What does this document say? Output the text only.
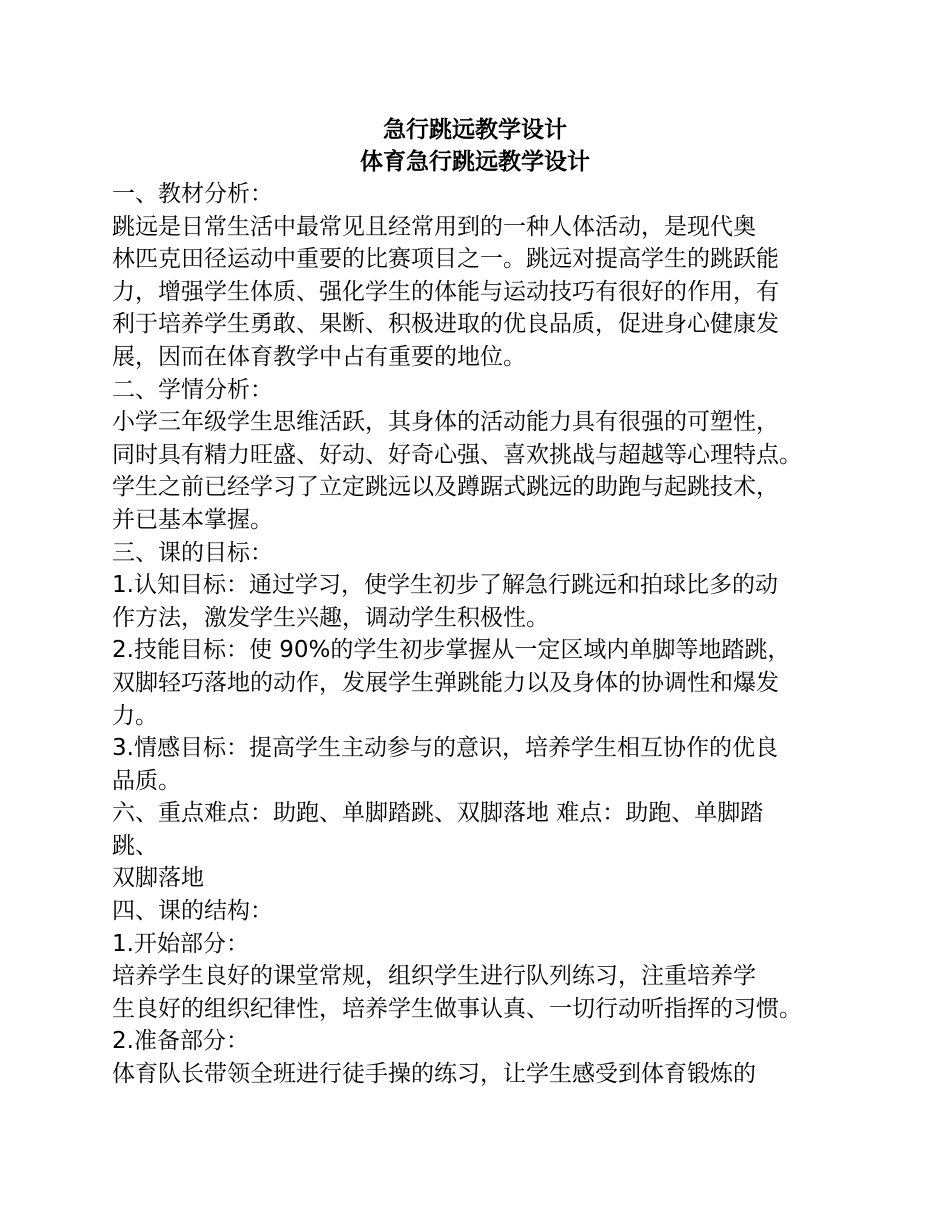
急行跳远教学设计
体育急行跳远教学设计
一、教材分析：
跳远是日常生活中最常见且经常用到的一种人体活动，是现代奥
林匹克田径运动中重要的比赛项目之一。跳远对提高学生的跳跃能
力，增强学生体质、强化学生的体能与运动技巧有很好的作用，有
利于培养学生勇敢、果断、积极进取的优良品质，促进身心健康发
展，因而在体育教学中占有重要的地位。
二、学情分析：
小学三年级学生思维活跃，其身体的活动能力具有很强的可塑性，
同时具有精力旺盛、好动、好奇心强、喜欢挑战与超越等心理特点。
学生之前已经学习了立定跳远以及蹲踞式跳远的助跑与起跳技术，
并已基本掌握。
三、课的目标：
1.认知目标：通过学习，使学生初步了解急行跳远和拍球比多的动
作方法，激发学生兴趣，调动学生积极性。
2.技能目标：使 90%的学生初步掌握从一定区域内单脚等地踏跳，
双脚轻巧落地的动作，发展学生弹跳能力以及身体的协调性和爆发
力。
3.情感目标：提高学生主动参与的意识，培养学生相互协作的优良
品质。
六、重点难点：助跑、单脚踏跳、双脚落地 难点：助跑、单脚踏
跳、
双脚落地
四、课的结构：
1.开始部分：
培养学生良好的课堂常规，组织学生进行队列练习，注重培养学
生良好的组织纪律性，培养学生做事认真、一切行动听指挥的习惯。
2.准备部分：
体育队长带领全班进行徒手操的练习，让学生感受到体育锻炼的
